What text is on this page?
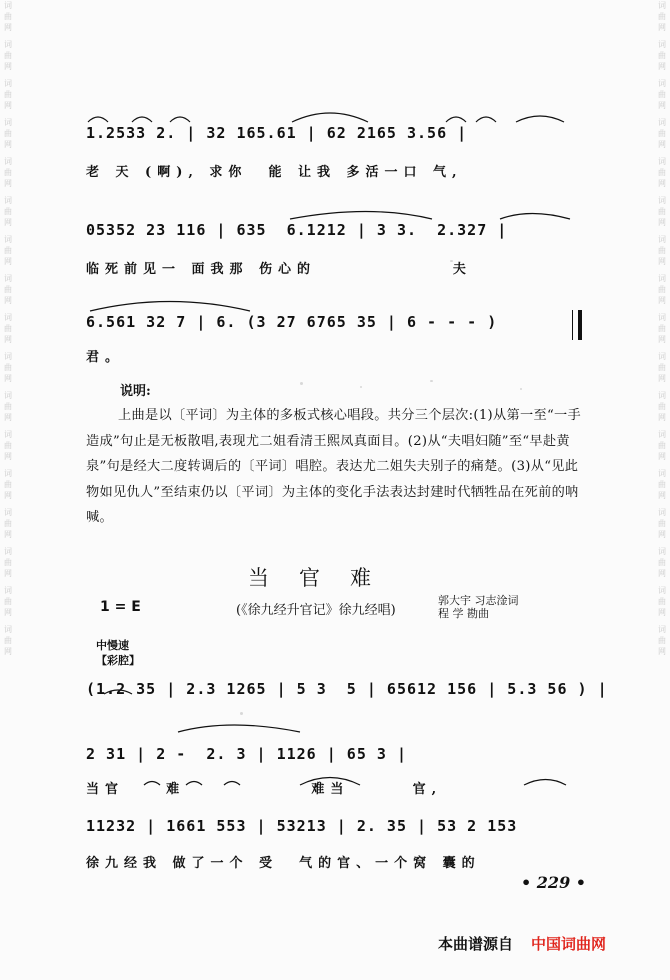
词
曲
网
词
曲
网
词
曲
网
词
曲
网
词
曲
网
词
曲
网
词
曲
网
词
曲
网
词
曲
网
词
曲
网
词
曲
网
词
曲
网
词
曲
网
词
曲
网
词
曲
网
词
曲
网
词
曲
网
词
曲
网
词
曲
网
词
曲
网
词
曲
网
词
曲
网
词
曲
网
词
曲
网
词
曲
网
词
曲
网
词
曲
网
词
曲
网
词
曲
网
词
曲
网
词
曲
网
词
曲
网
词
曲
网
词
曲
网
1.2533 2. | 32 165.61 | 62 2165 3.56 |
老 天 (啊), 求你  能 让我 多活一口 气,
05352 23 116 | 635  6.1212 | 3 3.  2.327 |
临死前见一 面我那 伤心的             夫
6.561 32 7 | 6. (3 27 6765 35 | 6 - - - )
君。
说明:
上曲是以〔平词〕为主体的多板式核心唱段。共分三个层次:(1)从第一至“一手造成”句止是无板散唱,表现尤二姐看清王熙凤真面目。(2)从“夫唱妇随”至“早赴黄泉”句是经大二度转调后的〔平词〕唱腔。表达尤二姐失夫别子的痛楚。(3)从“见此物如见仇人”至结束仍以〔平词〕为主体的变化手法表达封建时代牺牲品在死前的呐喊。
当官难
1 = E	(《徐九经升官记》徐九经唱)
郭大宇 习志淦词
程 学 勘曲
中慢速
【彩腔】
(1.2 35 | 2.3 1265 | 5 3  5 | 65612 156 | 5.3 56 ) |
2 31 | 2 -  2. 3 | 1126 | 65 3 |
当官    难            难当      官,
11232 | 1661 553 | 53213 | 2. 35 | 53 2 153
徐九经我 做了一个 受  气的官、一个窝 囊的
• 229 •
本曲谱源自 中国词曲网
